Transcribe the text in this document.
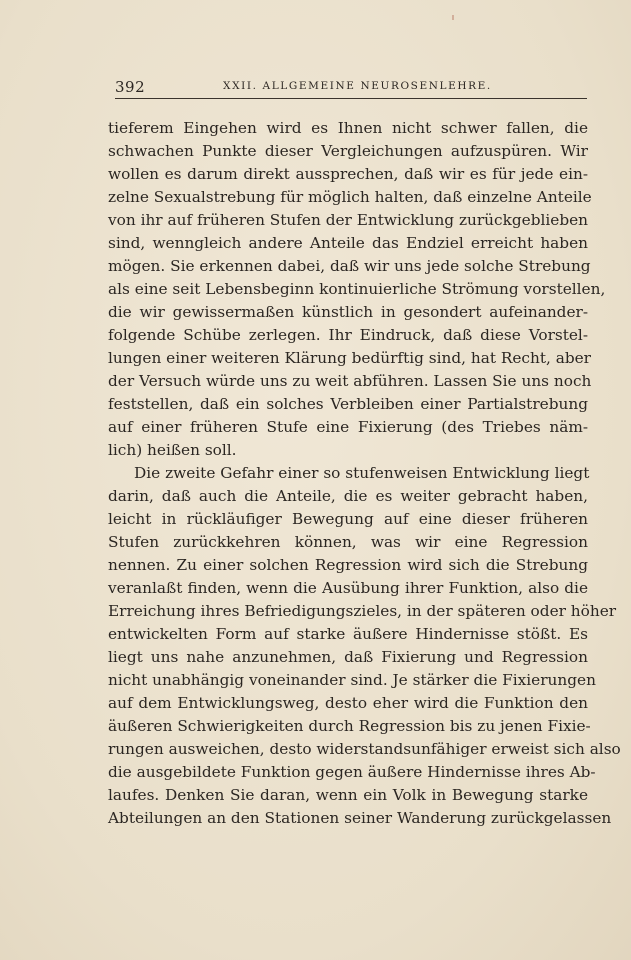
392	XXII. ALLGEMEINE NEUROSENLEHRE.
tieferem Eingehen wird es Ihnen nicht schwer fallen, die
schwachen Punkte dieser Vergleichungen aufzuspüren. Wir
wollen es darum direkt aussprechen, daß wir es für jede ein-
zelne Sexualstrebung für möglich halten, daß einzelne Anteile
von ihr auf früheren Stufen der Entwicklung zurückgeblieben
sind, wenngleich andere Anteile das Endziel erreicht haben
mögen. Sie erkennen dabei, daß wir uns jede solche Strebung
als eine seit Lebensbeginn kontinuierliche Strömung vorstellen,
die wir gewissermaßen künstlich in gesondert aufeinander-
folgende Schübe zerlegen. Ihr Eindruck, daß diese Vorstel-
lungen einer weiteren Klärung bedürftig sind, hat Recht, aber
der Versuch würde uns zu weit abführen. Lassen Sie uns noch
feststellen, daß ein solches Verbleiben einer Partialstrebung
auf einer früheren Stufe eine Fixierung (des Triebes näm-
lich) heißen soll.
Die zweite Gefahr einer so stufenweisen Entwicklung liegt
darin, daß auch die Anteile, die es weiter gebracht haben,
leicht in rückläufiger Bewegung auf eine dieser früheren
Stufen zurückkehren können, was wir eine Regression
nennen. Zu einer solchen Regression wird sich die Strebung
veranlaßt finden, wenn die Ausübung ihrer Funktion, also die
Erreichung ihres Befriedigungszieles, in der späteren oder höher
entwickelten Form auf starke äußere Hindernisse stößt. Es
liegt uns nahe anzunehmen, daß Fixierung und Regression
nicht unabhängig voneinander sind. Je stärker die Fixierungen
auf dem Entwicklungsweg, desto eher wird die Funktion den
äußeren Schwierigkeiten durch Regression bis zu jenen Fixie-
rungen ausweichen, desto widerstandsunfähiger erweist sich also
die ausgebildete Funktion gegen äußere Hindernisse ihres Ab-
laufes. Denken Sie daran, wenn ein Volk in Bewegung starke
Abteilungen an den Stationen seiner Wanderung zurückgelassen
